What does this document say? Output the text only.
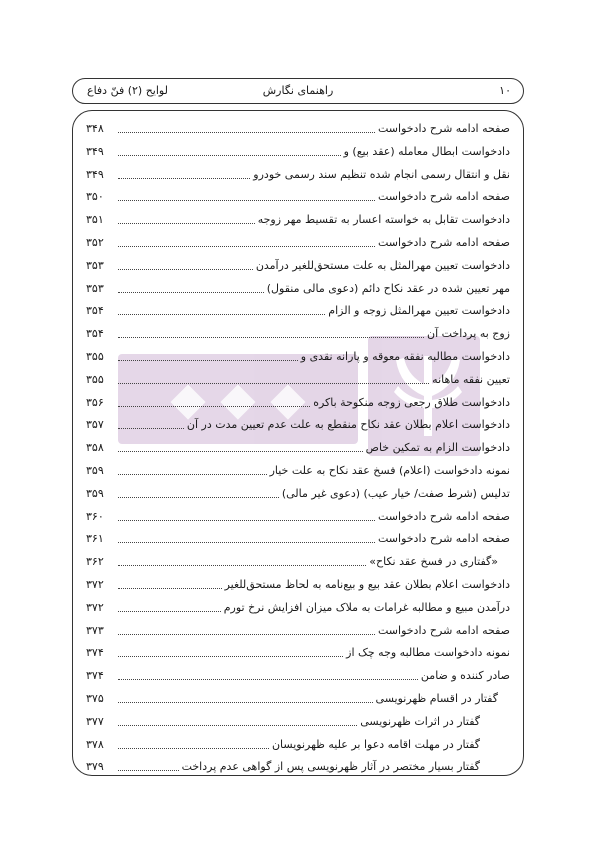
۱۰
راهنمای نگارش
لوایح (۲) فنّ دفاع
◆ ◆ ◆
صفحه ادامه شرح دادخواست
۳۴۸
دادخواست ابطال معامله (عقد بیع) و
۳۴۹
نقل و انتقال رسمی انجام شده تنظیم سند رسمی خودرو
۳۴۹
صفحه ادامه شرح دادخواست
۳۵۰
دادخواست تقابل به خواسته اعسار به تقسیط مهر زوجه
۳۵۱
صفحه ادامه شرح دادخواست
۳۵۲
دادخواست تعیین مهرالمثل به علت مستحق‌للغیر درآمدن
۳۵۳
مهر تعیین شده در عقد نکاح دائم (دعوی مالی منقول)
۳۵۳
دادخواست تعیین مهرالمثل زوجه و الزام
۳۵۴
زوج به پرداخت آن
۳۵۴
دادخواست مطالبه نفقه معوقه و پارانه نقدی و
۳۵۵
تعیین نفقه ماهانه
۳۵۵
دادخواست طلاق رجعی زوجه منکوحة باکره
۳۵۶
دادخواست اعلام بطلان عقد نکاح منقطع به علت عدم تعیین مدت در آن
۳۵۷
دادخواست الزام به تمکین خاص
۳۵۸
نمونه دادخواست (اعلام) فسخ عقد نکاح به علت خیار
۳۵۹
تدلیس (شرط صفت/ خیار عیب) (دعوی غیر مالی)
۳۵۹
صفحه ادامه شرح دادخواست
۳۶۰
صفحه ادامه شرح دادخواست
۳۶۱
«گفتاری در فسخ عقد نکاح»
۳۶۲
دادخواست اعلام بطلان عقد بیع و بیع‌نامه به لحاظ مستحق‌للغیر
۳۷۲
درآمدن مبیع و مطالبه غرامات به ملاک میزان افزایش نرخ تورم
۳۷۲
صفحه ادامه شرح دادخواست
۳۷۳
نمونه دادخواست مطالبه وجه چک از
۳۷۴
صادر کننده و ضامن
۳۷۴
گفتار در اقسام ظهرنویسی
۳۷۵
گفتار در اثرات ظهرنویسی
۳۷۷
گفتار در مهلت اقامه دعوا بر علیه ظهرنویسان
۳۷۸
گفتار بسیار مختصر در آثار ظهرنویسی پس از گواهی عدم پرداخت
۳۷۹
